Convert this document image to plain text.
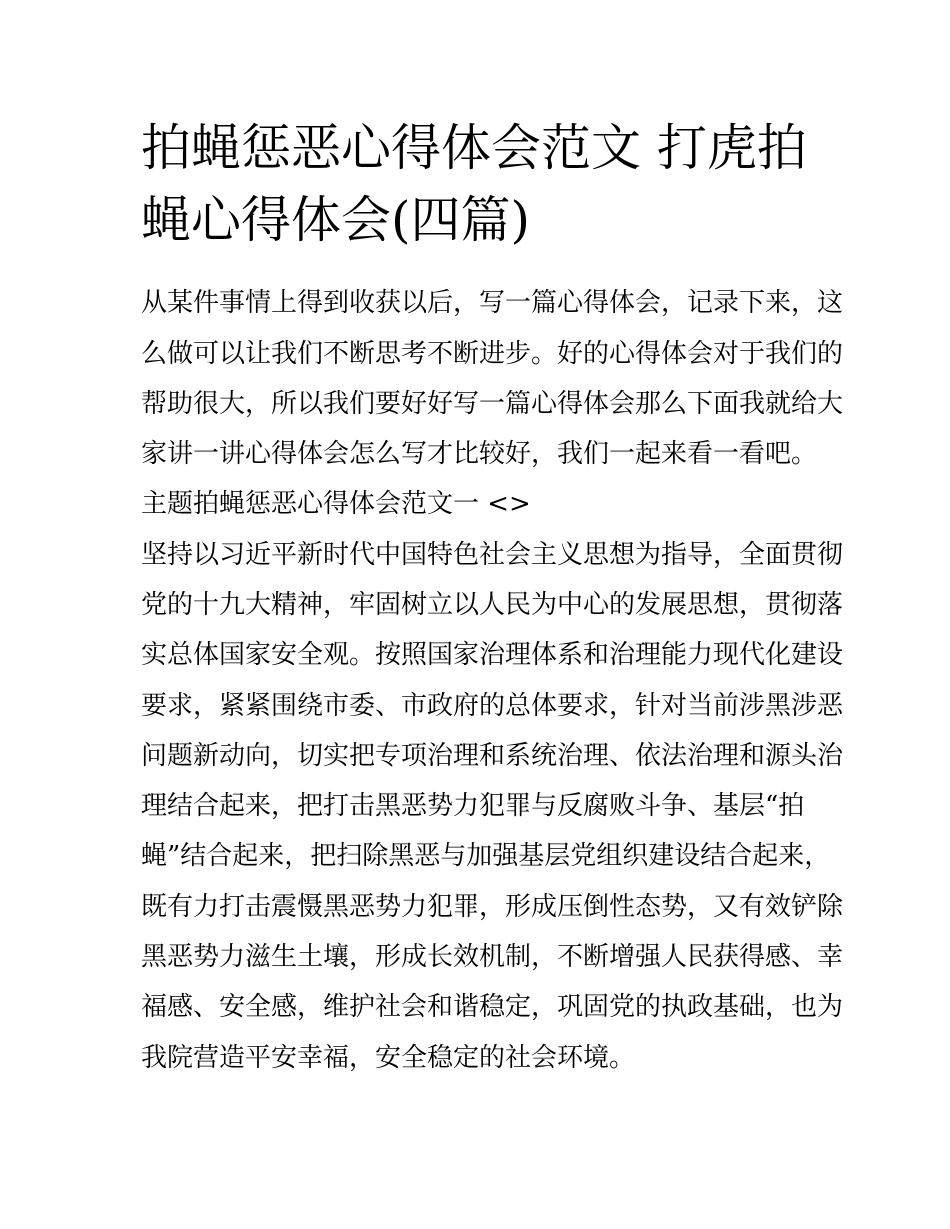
拍蝇惩恶心得体会范文 打虎拍
蝇心得体会(四篇)

从某件事情上得到收获以后，写一篇心得体会，记录下来，这

么做可以让我们不断思考不断进步。好的心得体会对于我们的

帮助很大，所以我们要好好写一篇心得体会那么下面我就给大

家讲一讲心得体会怎么写才比较好，我们一起来看一看吧。

主题拍蝇惩恶心得体会范文一 <>

坚持以习近平新时代中国特色社会主义思想为指导，全面贯彻

党的十九大精神，牢固树立以人民为中心的发展思想，贯彻落

实总体国家安全观。按照国家治理体系和治理能力现代化建设

要求，紧紧围绕市委、市政府的总体要求，针对当前涉黑涉恶

问题新动向，切实把专项治理和系统治理、依法治理和源头治

理结合起来，把打击黑恶势力犯罪与反腐败斗争、基层“拍

蝇”结合起来，把扫除黑恶与加强基层党组织建设结合起来，

既有力打击震慑黑恶势力犯罪，形成压倒性态势，又有效铲除

黑恶势力滋生土壤，形成长效机制，不断增强人民获得感、幸

福感、安全感，维护社会和谐稳定，巩固党的执政基础，也为

我院营造平安幸福，安全稳定的社会环境。
